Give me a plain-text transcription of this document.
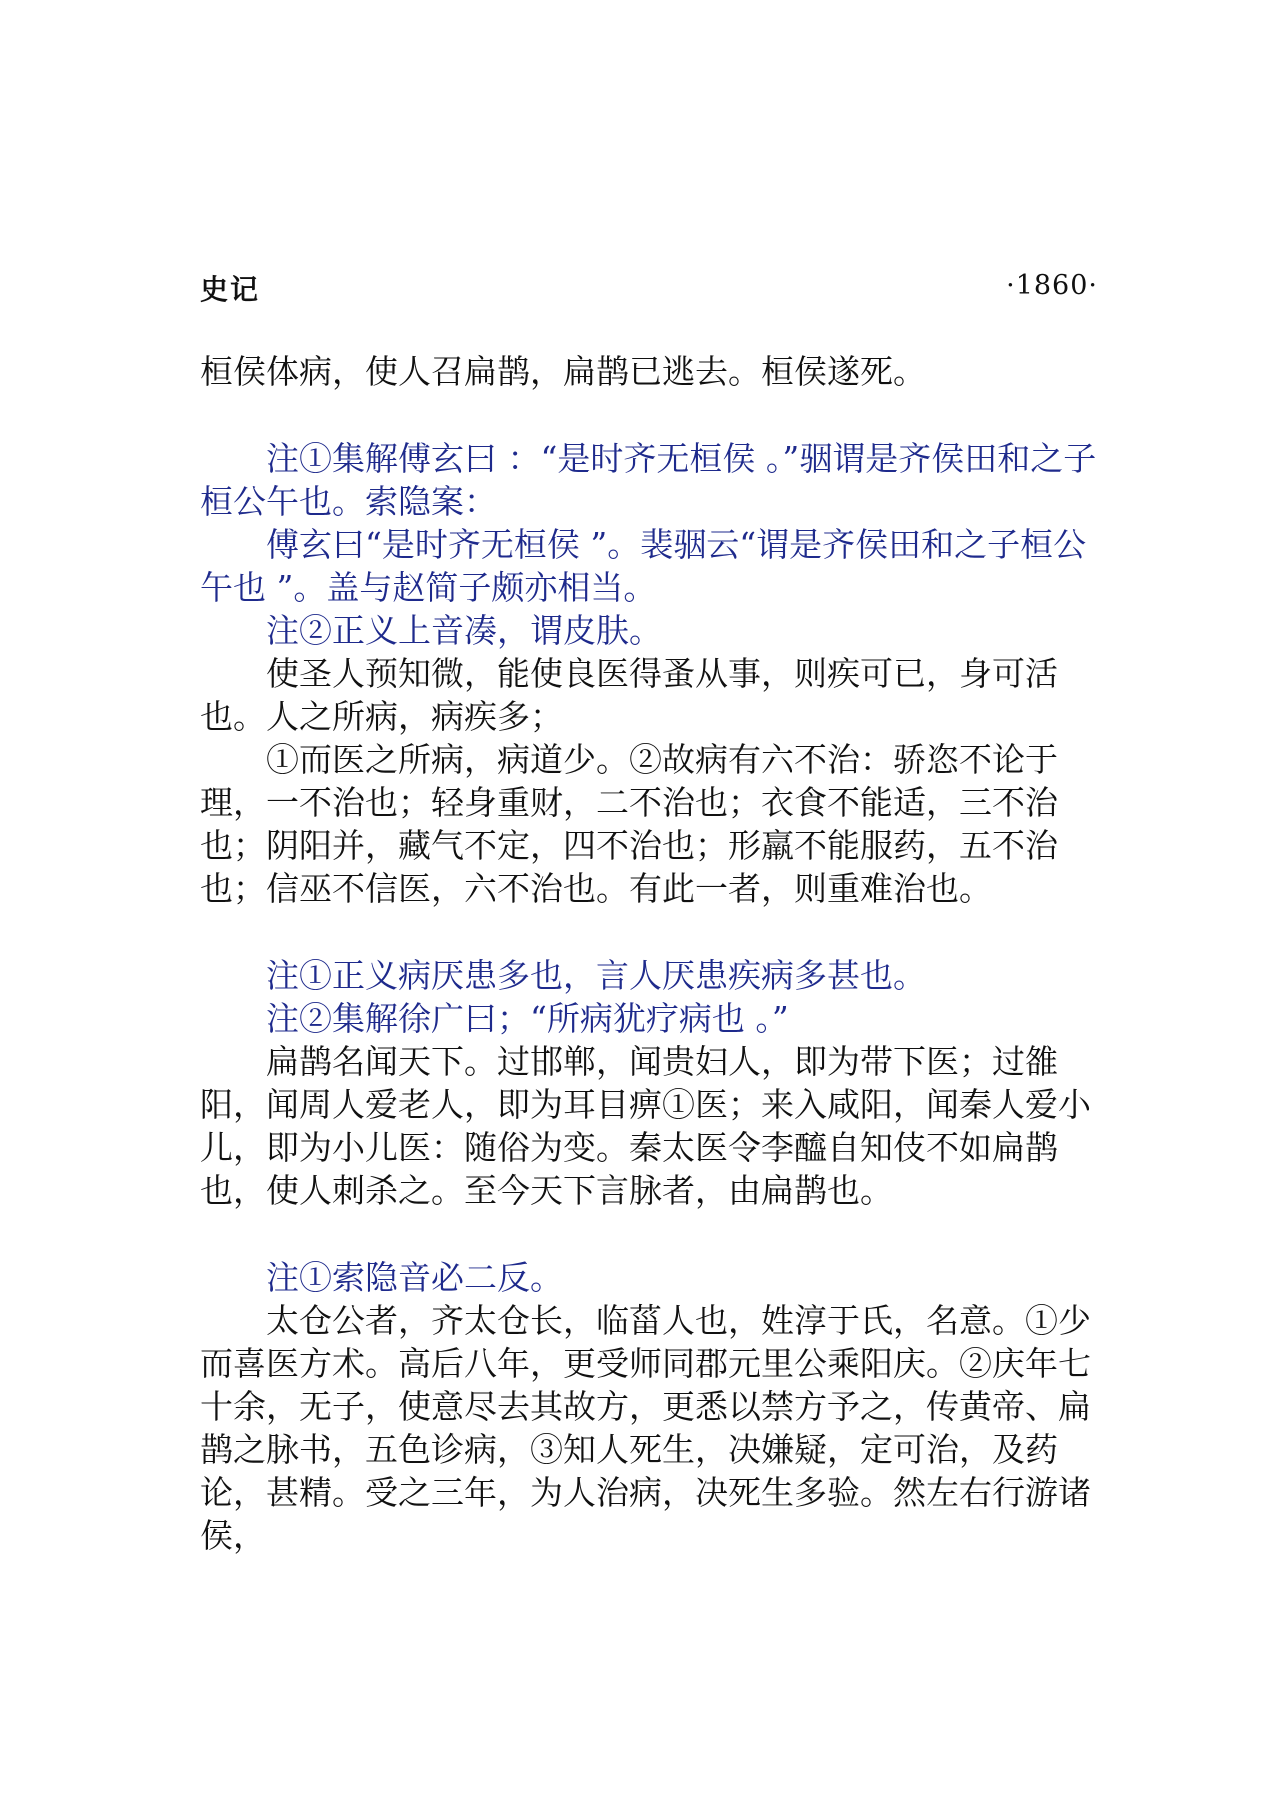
史记	·1860·

桓侯体病，使人召扁鹊，扁鹊已逃去。桓侯遂死。

注①集解傅玄曰 ：“是时齐无桓侯 。”骃谓是齐侯田和之子桓公午也。索隐案：

傅玄曰“是时齐无桓侯 ”。裴骃云“谓是齐侯田和之子桓公午也 ”。盖与赵简子颇亦相当。

注②正义上音凑，谓皮肤。

使圣人预知微，能使良医得蚤从事，则疾可已，身可活也。人之所病，病疾多；

①而医之所病，病道少。②故病有六不治：骄恣不论于理，一不治也；轻身重财，二不治也；衣食不能适，三不治也；阴阳并，藏气不定，四不治也；形羸不能服药，五不治也；信巫不信医，六不治也。有此一者，则重难治也。

注①正义病厌患多也，言人厌患疾病多甚也。

注②集解徐广曰；“所病犹疗病也 。”

扁鹊名闻天下。过邯郸，闻贵妇人，即为带下医；过雒阳，闻周人爱老人，即为耳目痹①医；来入咸阳，闻秦人爱小儿，即为小儿医：随俗为变。秦太医令李醯自知伎不如扁鹊也，使人刺杀之。至今天下言脉者，由扁鹊也。

注①索隐音必二反。

太仓公者，齐太仓长，临菑人也，姓淳于氏，名意。①少而喜医方术。高后八年，更受师同郡元里公乘阳庆。②庆年七十余，无子，使意尽去其故方，更悉以禁方予之，传黄帝、扁鹊之脉书，五色诊病，③知人死生，决嫌疑，定可治，及药论，甚精。受之三年，为人治病，决死生多验。然左右行游诸侯，
